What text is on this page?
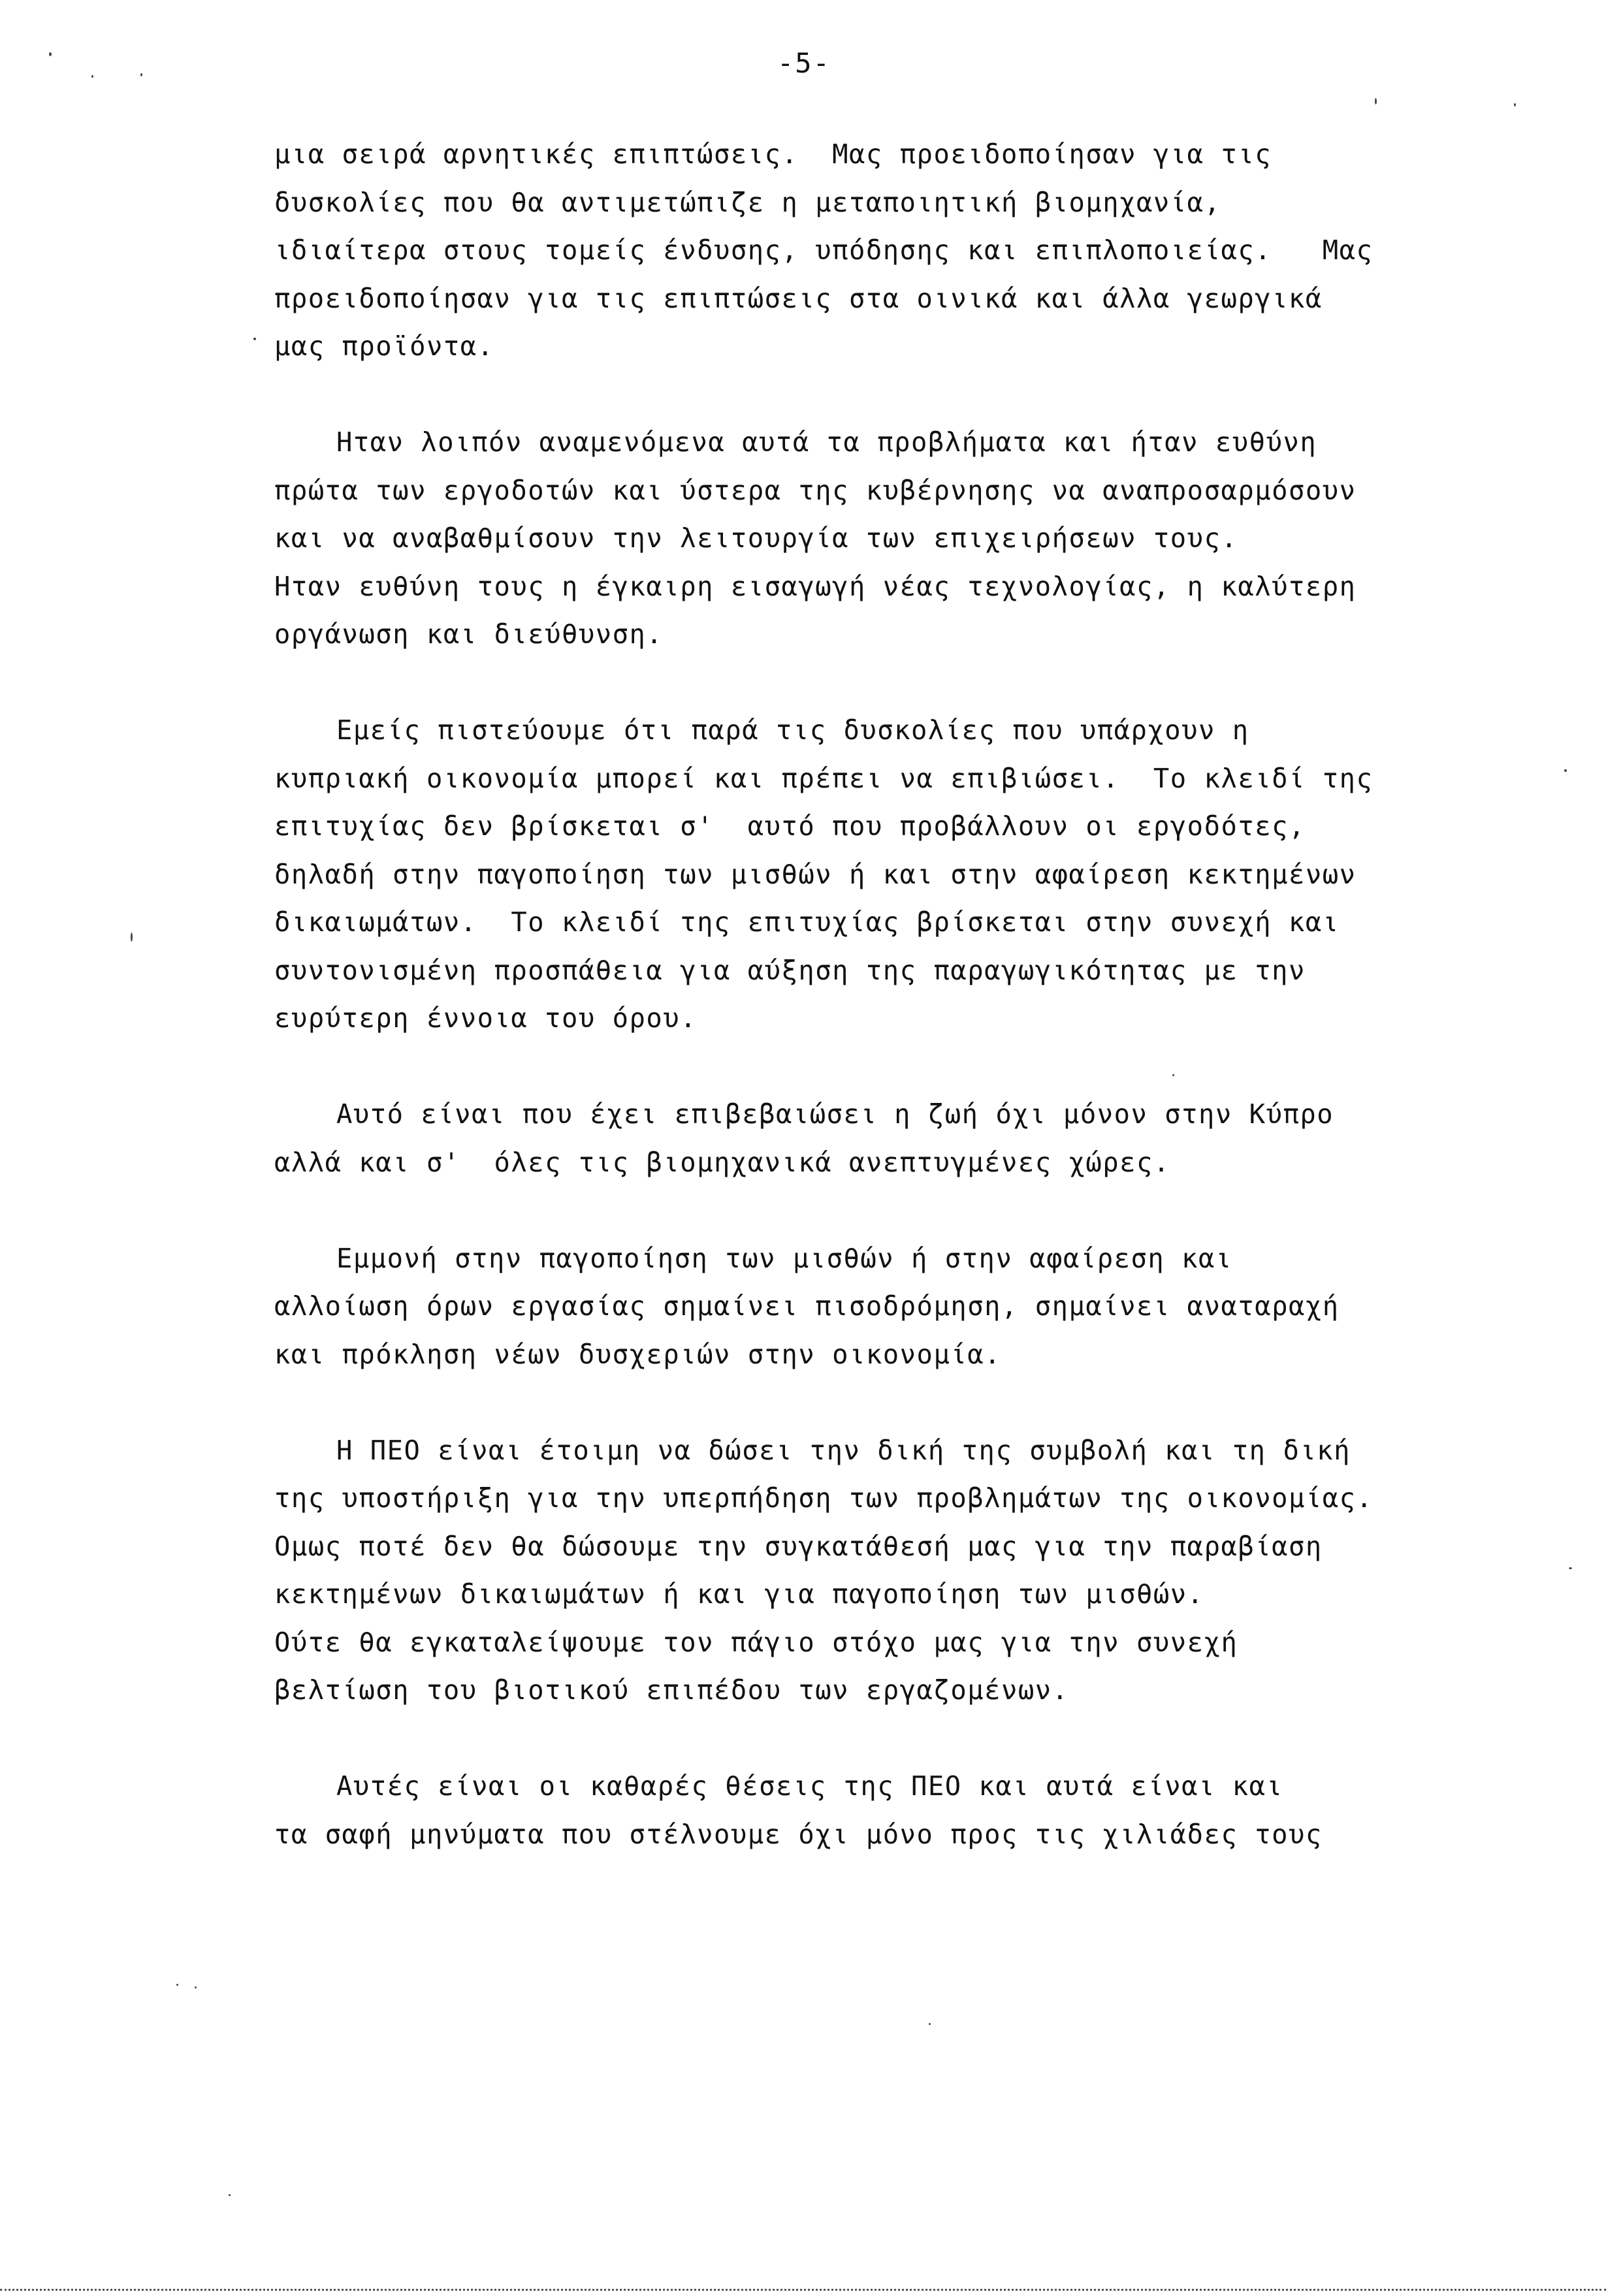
-5-
μια σειρά αρνητικές επιπτώσεις.  Μας προειδοποίησαν για τις
δυσκολίες που θα αντιμετώπιζε η μεταποιητική βιομηχανία,
ιδιαίτερα στους τομείς ένδυσης, υπόδησης και επιπλοποιείας.   Μας
προειδοποίησαν για τις επιπτώσεις στα οινικά και άλλα γεωργικά
μας προϊόντα.
Ηταν λοιπόν αναμενόμενα αυτά τα προβλήματα και ήταν ευθύνη
πρώτα των εργοδοτών και ύστερα της κυβέρνησης να αναπροσαρμόσουν
και να αναβαθμίσουν την λειτουργία των επιχειρήσεων τους.
Ηταν ευθύνη τους η έγκαιρη εισαγωγή νέας τεχνολογίας, η καλύτερη
οργάνωση και διεύθυνση.
Εμείς πιστεύουμε ότι παρά τις δυσκολίες που υπάρχουν η
κυπριακή οικονομία μπορεί και πρέπει να επιβιώσει.  Το κλειδί της
επιτυχίας δεν βρίσκεται σ'  αυτό που προβάλλουν οι εργοδότες,
δηλαδή στην παγοποίηση των μισθών ή και στην αφαίρεση κεκτημένων
δικαιωμάτων.  Το κλειδί της επιτυχίας βρίσκεται στην συνεχή και
συντονισμένη προσπάθεια για αύξηση της παραγωγικότητας με την
ευρύτερη έννοια του όρου.
Αυτό είναι που έχει επιβεβαιώσει η ζωή όχι μόνον στην Κύπρο
αλλά και σ'  όλες τις βιομηχανικά ανεπτυγμένες χώρες.
Εμμονή στην παγοποίηση των μισθών ή στην αφαίρεση και
αλλοίωση όρων εργασίας σημαίνει πισοδρόμηση, σημαίνει αναταραχή
και πρόκληση νέων δυσχεριών στην οικονομία.
Η ΠΕΟ είναι έτοιμη να δώσει την δική της συμβολή και τη δική
της υποστήριξη για την υπερπήδηση των προβλημάτων της οικονομίας.
Ομως ποτέ δεν θα δώσουμε την συγκατάθεσή μας για την παραβίαση
κεκτημένων δικαιωμάτων ή και για παγοποίηση των μισθών.
Ούτε θα εγκαταλείψουμε τον πάγιο στόχο μας για την συνεχή
βελτίωση του βιοτικού επιπέδου των εργαζομένων.
Αυτές είναι οι καθαρές θέσεις της ΠΕΟ και αυτά είναι και
τα σαφή μηνύματα που στέλνουμε όχι μόνο προς τις χιλιάδες τους
